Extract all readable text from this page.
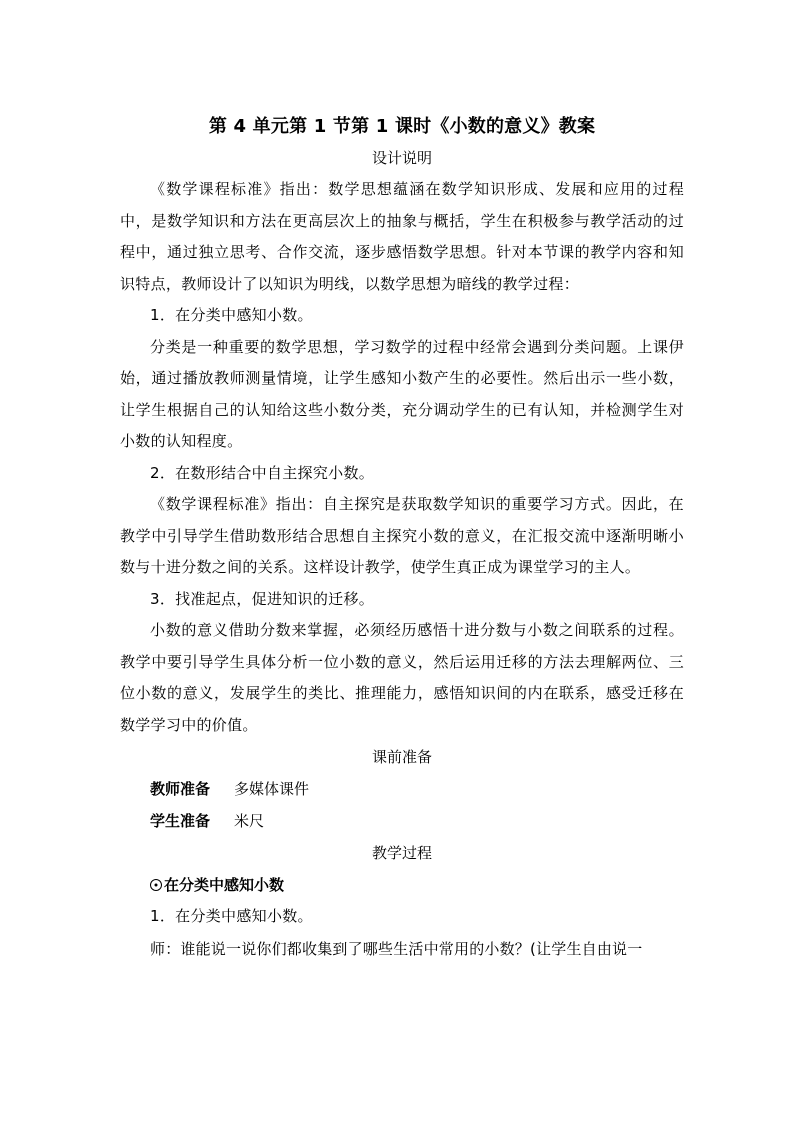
第 4 单元第 1 节第 1 课时《小数的意义》教案

设计说明

《数学课程标准》指出：数学思想蕴涵在数学知识形成、发展和应用的过程中，是数学知识和方法在更高层次上的抽象与概括，学生在积极参与教学活动的过程中，通过独立思考、合作交流，逐步感悟数学思想。针对本节课的教学内容和知识特点，教师设计了以知识为明线，以数学思想为暗线的教学过程：

1．在分类中感知小数。

分类是一种重要的数学思想，学习数学的过程中经常会遇到分类问题。上课伊始，通过播放教师测量情境，让学生感知小数产生的必要性。然后出示一些小数，让学生根据自己的认知给这些小数分类，充分调动学生的已有认知，并检测学生对小数的认知程度。

2．在数形结合中自主探究小数。

《数学课程标准》指出：自主探究是获取数学知识的重要学习方式。因此，在教学中引导学生借助数形结合思想自主探究小数的意义，在汇报交流中逐渐明晰小数与十进分数之间的关系。这样设计教学，使学生真正成为课堂学习的主人。

3．找准起点，促进知识的迁移。

小数的意义借助分数来掌握，必须经历感悟十进分数与小数之间联系的过程。教学中要引导学生具体分析一位小数的意义，然后运用迁移的方法去理解两位、三位小数的意义，发展学生的类比、推理能力，感悟知识间的内在联系，感受迁移在数学学习中的价值。

课前准备

教师准备 多媒体课件

学生准备 米尺

教学过程

在分类中感知小数

1．在分类中感知小数。

师：谁能说一说你们都收集到了哪些生活中常用的小数？(让学生自由说一
